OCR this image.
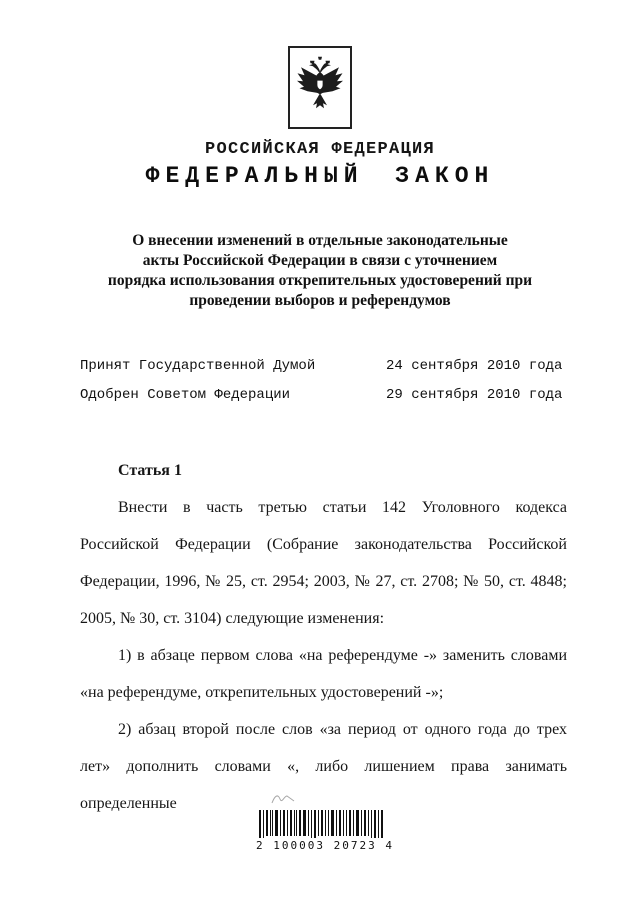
РОССИЙСКАЯ ФЕДЕРАЦИЯ
ФЕДЕРАЛЬНЫЙ ЗАКОН
О внесении изменений в отдельные законодательные
акты Российской Федерации в связи с уточнением
порядка использования открепительных удостоверений при
проведении выборов и референдумов
Принят Государственной Думой	24 сентября 2010 года
Одобрен Советом Федерации	29 сентября 2010 года

Статья 1

Внести в часть третью статьи 142 Уголовного кодекса Российской Федерации (Собрание законодательства Российской Федерации, 1996, № 25, ст. 2954; 2003, № 27, ст. 2708; № 50, ст. 4848; 2005, № 30, ст. 3104) следующие изменения:

1) в абзаце первом слова «на референдуме -» заменить словами «на референдуме, открепительных удостоверений -»;

2) абзац второй после слов «за период от одного года до трех лет» дополнить словами «, либо лишением права занимать определенные

2 100003 20723 4
